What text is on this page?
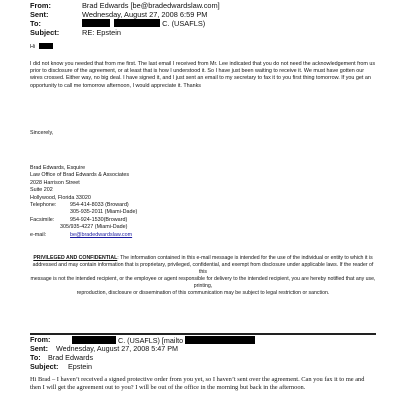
From:	Brad Edwards [be@bradedwardslaw.com]
Sent:	Wednesday, August 27, 2008 6:59 PM
To:	C. (USAFLS)
Subject:	RE: Epstein
Hi
I did not know you needed that from me first. The last email I received from Mr. Lee indicated that you do not need the acknowledgement from us prior to disclosure of the agreement, or at least that is how I understood it. So I have just been waiting to receive it. We must have gotten our wires crossed. Either way, no big deal. I have signed it, and I just sent an email to my secretary to fax it to you first thing tomorrow. If you get an opportunity to call me tomorrow afternoon, I would appreciate it. Thanks
Sincerely,
Brad Edwards, Esquire
Law Office of Brad Edwards & Associates
2028 Harrison Street
Suite 202
Hollywood, Florida 33020
Telephone:	954-414-8033 (Broward)
305-935-2011 (Miami-Dade)
Facsimile:	954-924-1530(Broward)
305/935-4227 (Miami-Dade)
e-mail:	be@bradedwardslaw.com
PRIVILEGED AND CONFIDENTIAL: The information contained in this e-mail message is intended for the use of the individual or entity to which it is
addressed and may contain information that is proprietary, privileged, confidential, and exempt from disclosure under applicable laws. If the reader of this
message is not the intended recipient, or the employee or agent responsible for delivery to the intended recipient, you are hereby notified that any use, printing,
reproduction, disclosure or dissemination of this communication may be subject to legal restriction or sanction.
From:	C. (USAFLS) [mailto
Sent: Wednesday, August 27, 2008 5:47 PM
To: Brad Edwards
Subject: Epstein
Hi Brad – I haven’t received a signed protective order from you yet, so I haven’t sent over the agreement. Can you fax it to me and then I will get the agreement out to you? I will be out of the office in the morning but back in the afternoon.
